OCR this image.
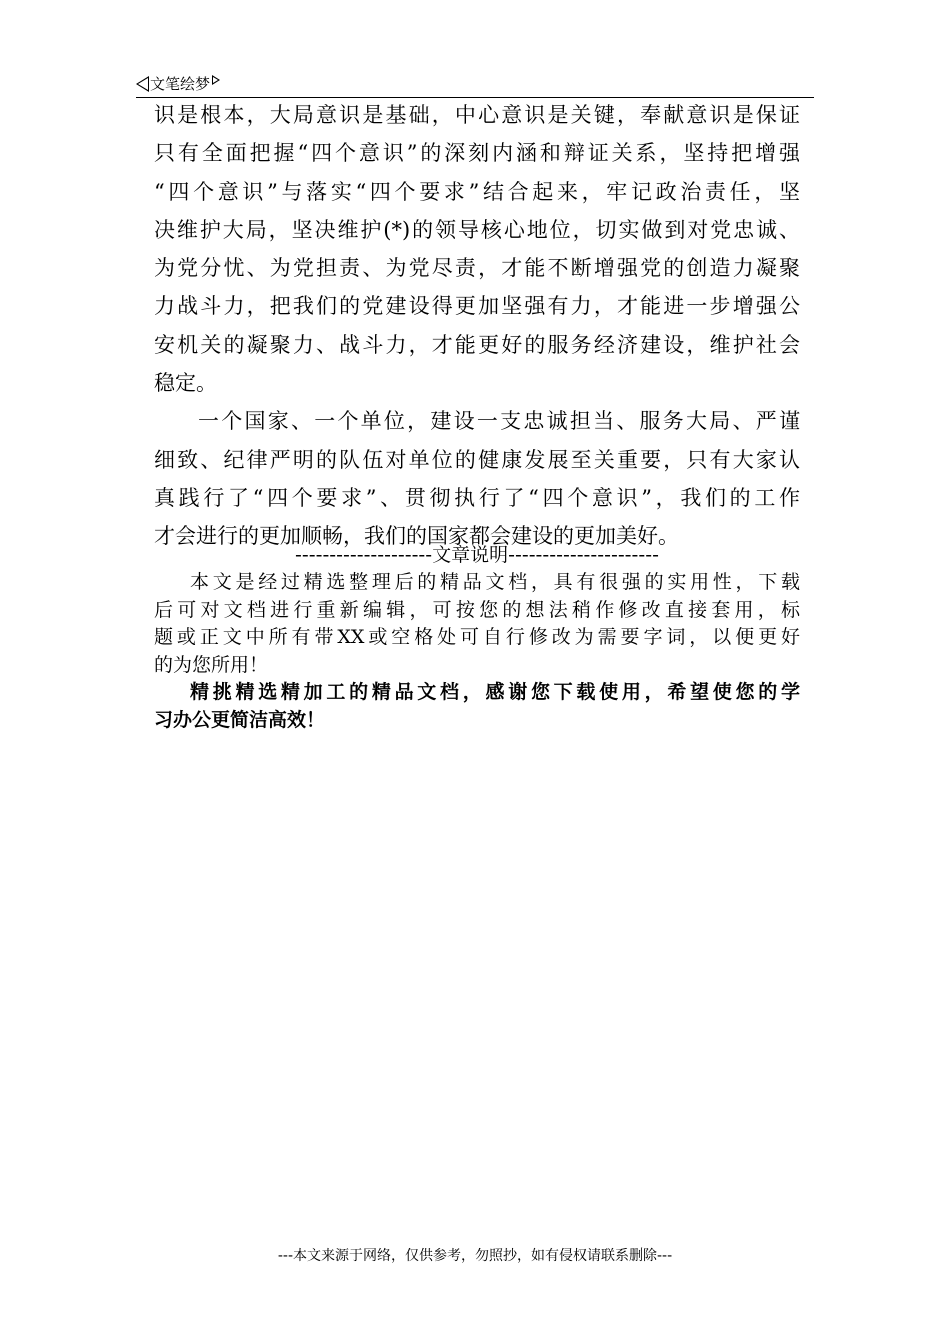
文笔绘梦
识是根本，大局意识是基础，中心意识是关键，奉献意识是保证
只有全面把握“四个意识”的深刻内涵和辩证关系，坚持把增强
“四个意识”与落实“四个要求”结合起来，牢记政治责任，坚
决维护大局，坚决维护(*)的领导核心地位，切实做到对党忠诚、
为党分忧、为党担责、为党尽责，才能不断增强党的创造力凝聚
力战斗力，把我们的党建设得更加坚强有力，才能进一步增强公
安机关的凝聚力、战斗力，才能更好的服务经济建设，维护社会
稳定。
一个国家、一个单位，建设一支忠诚担当、服务大局、严谨
细致、纪律严明的队伍对单位的健康发展至关重要，只有大家认
真践行了“四个要求”、贯彻执行了“四个意识”，我们的工作
才会进行的更加顺畅，我们的国家都会建设的更加美好。
--------------------文章说明----------------------
本文是经过精选整理后的精品文档，具有很强的实用性，下载
后可对文档进行重新编辑，可按您的想法稍作修改直接套用，标
题或正文中所有带XX或空格处可自行修改为需要字词，以便更好
的为您所用！
精挑精选精加工的精品文档，感谢您下载使用，希望使您的学
习办公更简洁高效！
---本文来源于网络，仅供参考，勿照抄，如有侵权请联系删除---
